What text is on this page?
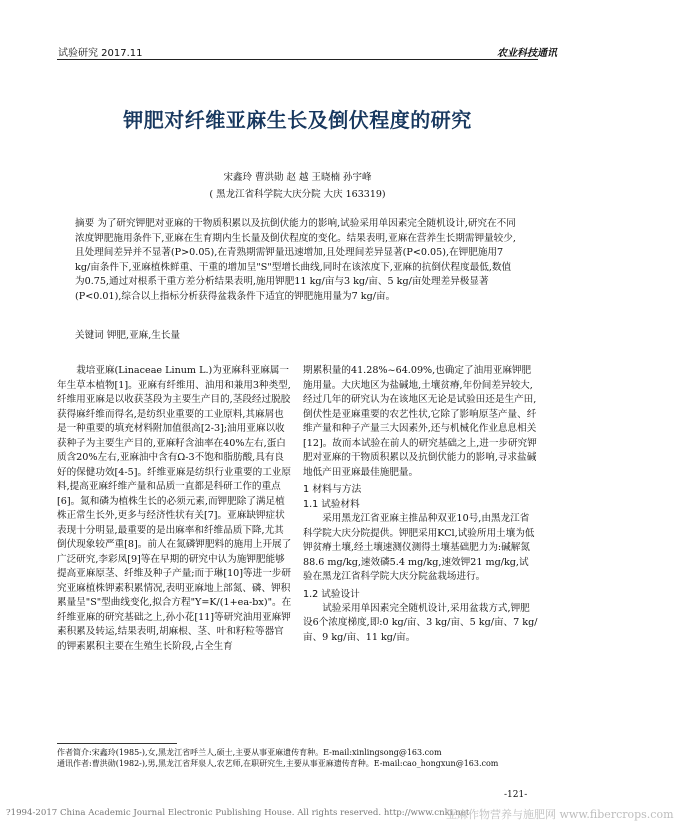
试验研究 2017.11	农业科技通讯
钾肥对纤维亚麻生长及倒伏程度的研究
宋鑫玲 曹洪勋 赵 越 王晓楠 孙宇峰
( 黑龙江省科学院大庆分院 大庆 163319)

摘要 为了研究钾肥对亚麻的干物质积累以及抗倒伏能力的影响,试验采用单因素完全随机设计,研究在不同浓度钾肥施用条件下,亚麻在生育期内生长量及倒伏程度的变化。结果表明,亚麻在营养生长期需钾量较少,且处理间差异并不显著(P>0.05),在青熟期需钾量迅速增加,且处理间差异显著(P<0.05),在钾肥施用7 kg/亩条件下,亚麻植株鲜重、干重的增加呈"S"型增长曲线,同时在该浓度下,亚麻的抗倒伏程度最低,数值为0.75,通过对根系干重方差分析结果表明,施用钾肥11 kg/亩与3 kg/亩、5 kg/亩处理差异极显著(P<0.01),综合以上指标分析获得盆栽条件下适宜的钾肥施用量为7 kg/亩。

关键词 钾肥,亚麻,生长量

栽培亚麻(Linaceae Linum L.)为亚麻科亚麻属一年生草本植物[1]。亚麻有纤维用、油用和兼用3种类型,纤维用亚麻是以收获茎段为主要生产目的,茎段经过脱胶获得麻纤维而得名,是纺织业重要的工业原料,其麻屑也是一种重要的填充材料附加值很高[2-3];油用亚麻以收获种子为主要生产目的,亚麻籽含油率在40%左右,蛋白质含20%左右,亚麻油中含有Ω-3不饱和脂肪酸,具有良好的保健功效[4-5]。纤维亚麻是纺织行业重要的工业原料,提高亚麻纤维产量和品质一直都是科研工作的重点[6]。氮和磷为植株生长的必须元素,而钾肥除了满足植株正常生长外,更多与经济性状有关[7]。亚麻缺钾症状表现十分明显,最重要的是出麻率和纤维品质下降,尤其倒伏现象较严重[8]。前人在氮磷钾肥料的施用上开展了广泛研究,李彩凤[9]等在早期的研究中认为施钾肥能够提高亚麻原茎、纤维及种子产量;而于琳[10]等进一步研究亚麻植株钾素积累情况,表明亚麻地上部氮、磷、钾积累量呈"S"型曲线变化,拟合方程"Y=K/(1+ea-bx)"。在纤维亚麻的研究基础之上,孙小花[11]等研究油用亚麻钾素积累及转运,结果表明,胡麻根、茎、叶和籽粒等器官的钾素累积主要在生殖生长阶段,占全生育

期累积量的41.28%~64.09%,也确定了油用亚麻钾肥施用量。大庆地区为盐碱地,土壤贫瘠,年份间差异较大,经过几年的研究认为在该地区无论是试验田还是生产田,倒伏性是亚麻重要的农艺性状,它除了影响原茎产量、纤维产量和种子产量三大因素外,还与机械化作业息息相关[12]。故而本试验在前人的研究基础之上,进一步研究钾肥对亚麻的干物质积累以及抗倒伏能力的影响,寻求盐碱地低产田亚麻最佳施肥量。

1 材料与方法

1.1 试验材料

采用黑龙江省亚麻主推品种双亚10号,由黑龙江省科学院大庆分院提供。钾肥采用KCl,试验所用土壤为低钾贫瘠土壤,经土壤速测仪测得土壤基础肥力为:碱解氮88.6 mg/kg,速效磷5.4 mg/kg,速效钾21 mg/kg,试验在黑龙江省科学院大庆分院盆栽场进行。

1.2 试验设计

试验采用单因素完全随机设计,采用盆栽方式,钾肥设6个浓度梯度,即:0 kg/亩、3 kg/亩、5 kg/亩、7 kg/亩、9 kg/亩、11 kg/亩。

作者简介:宋鑫玲(1985-),女,黑龙江省呼兰人,硕士,主要从事亚麻遗传育种。E-mail:xinlingsong@163.com

通讯作者:曹洪勋(1982-),男,黑龙江省拜泉人,农艺师,在职研究生,主要从事亚麻遗传育种。E-mail:cao_hongxun@163.com

-121-
?1994-2017 China Academic Journal Electronic Publishing House. All rights reserved. http://www.cnki.net
亚麻作物营养与施肥网 www.fibercrops.com
